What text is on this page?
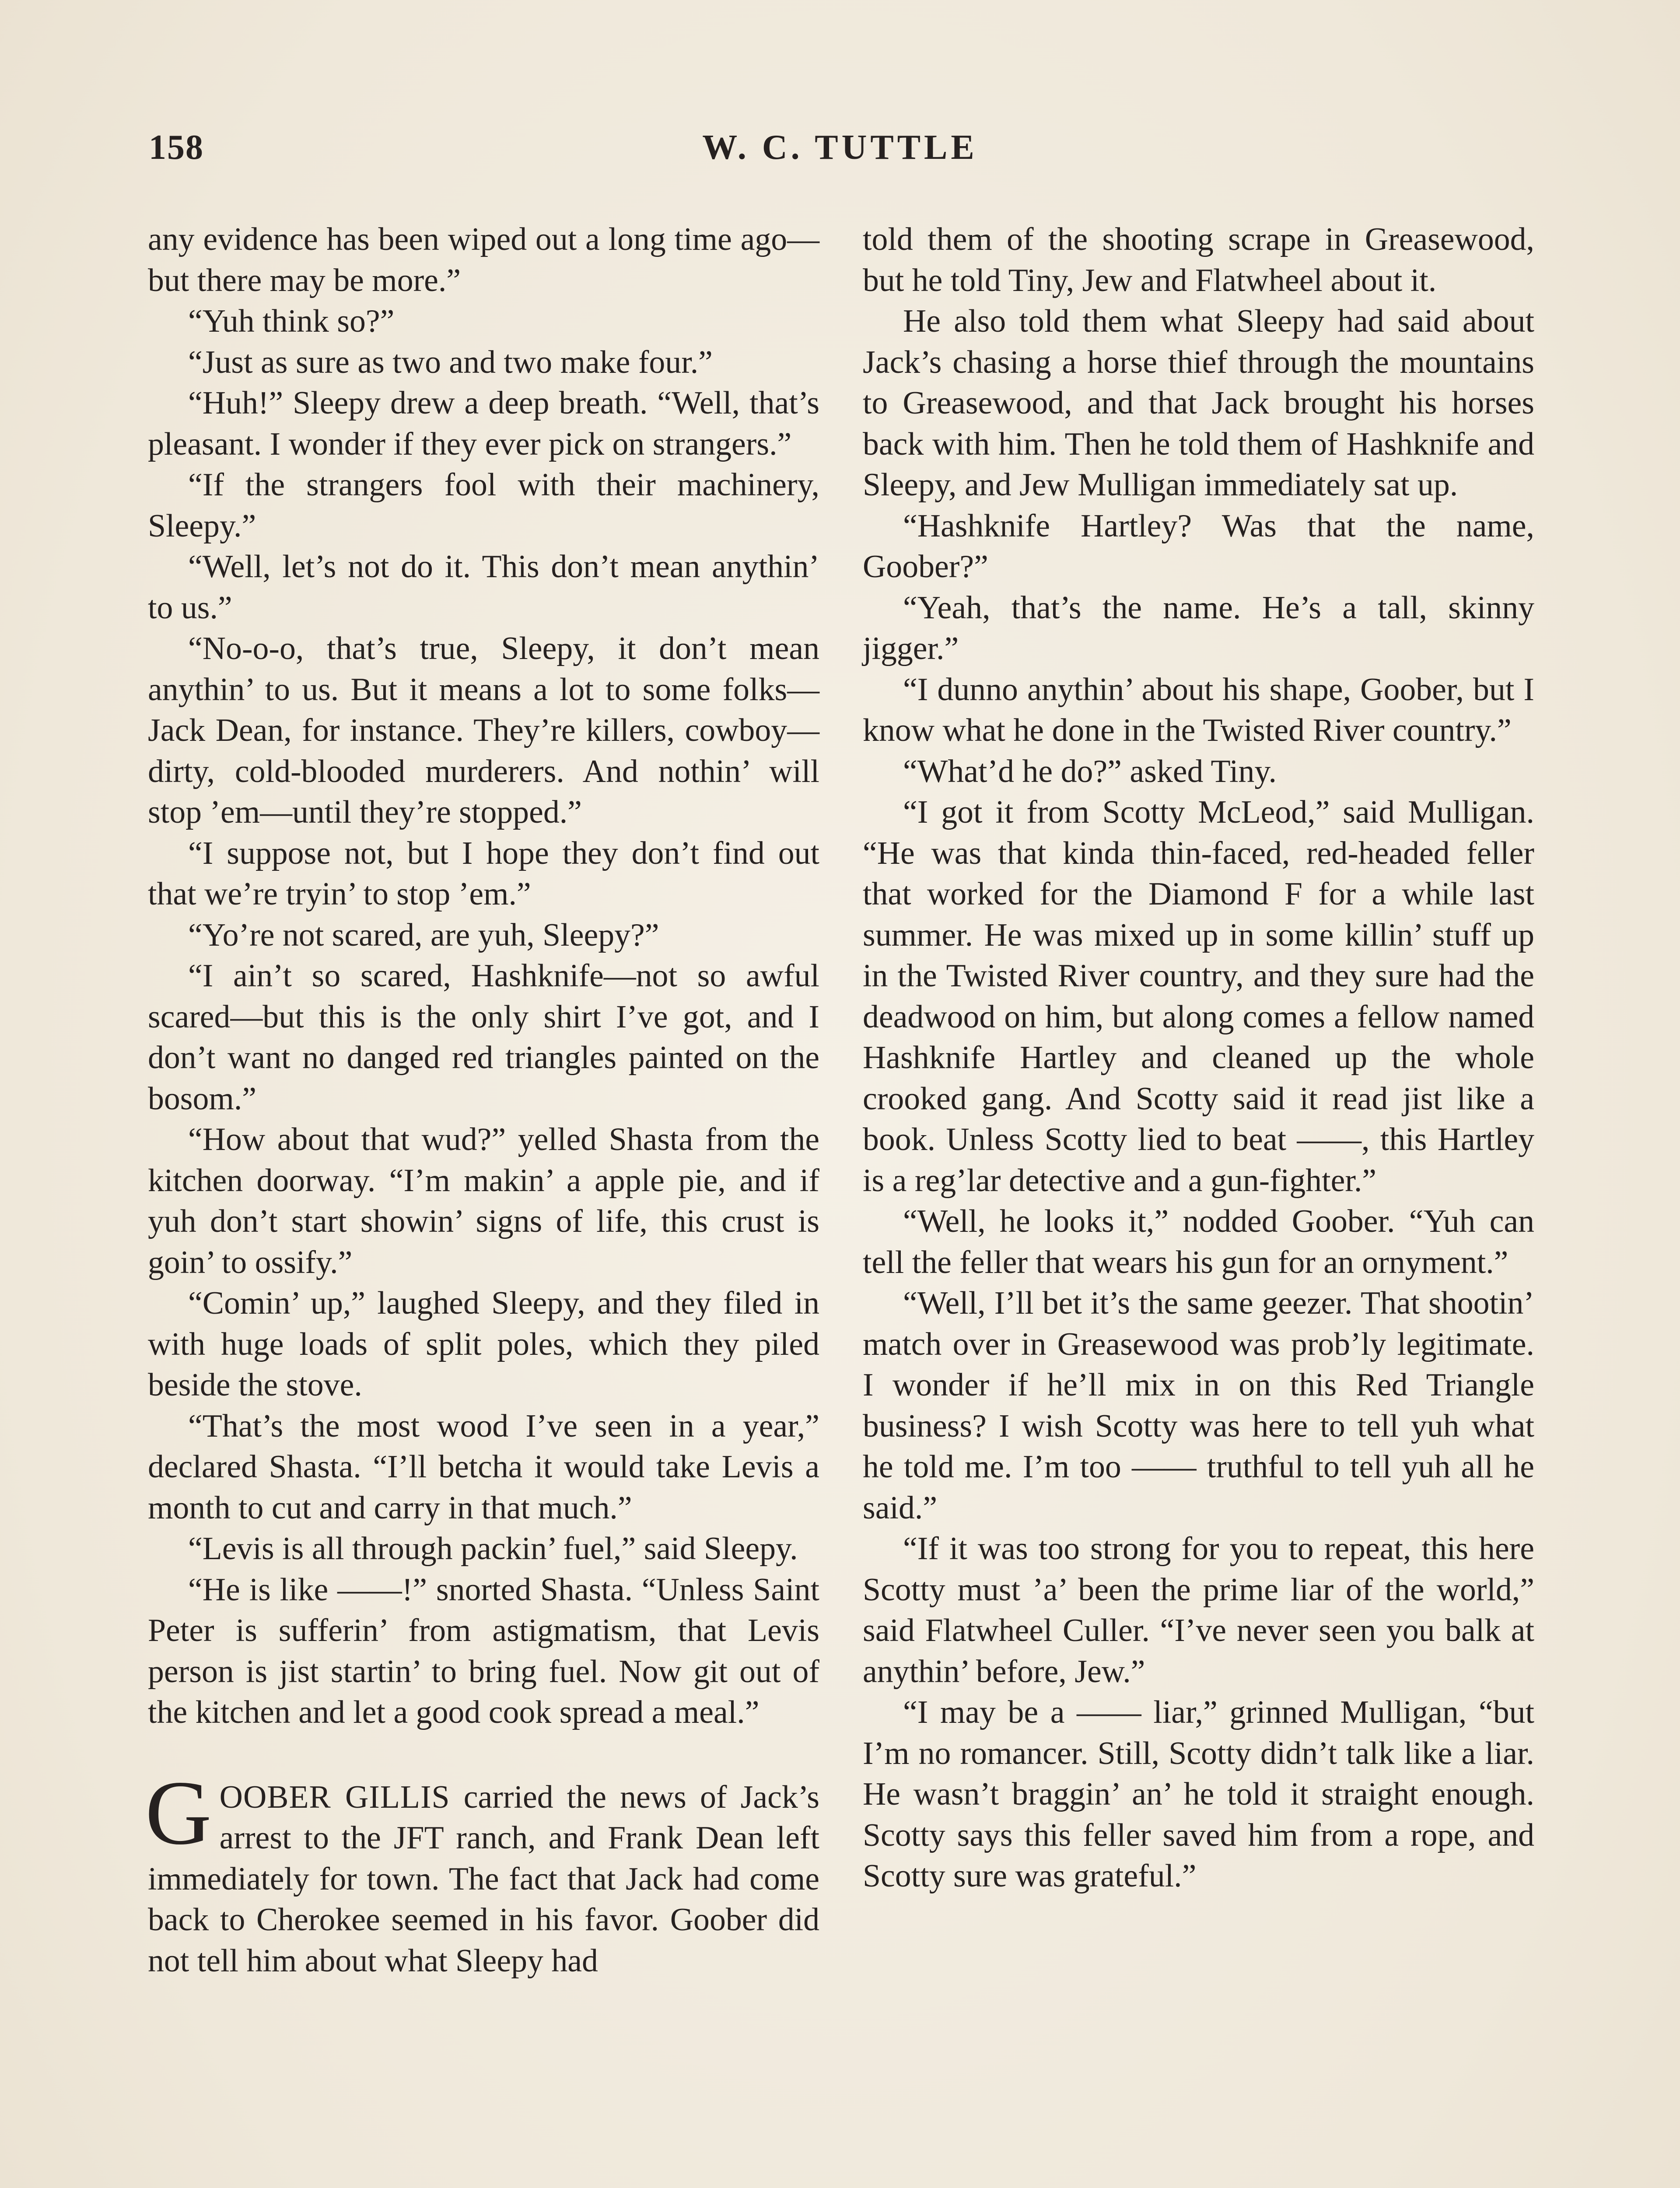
158	W. C. TUTTLE

any evidence has been wiped out a long time ago—but there may be more.”

“Yuh think so?”

“Just as sure as two and two make four.”

“Huh!” Sleepy drew a deep breath. “Well, that’s pleasant. I wonder if they ever pick on strangers.”

“If the strangers fool with their machinery, Sleepy.”

“Well, let’s not do it. This don’t mean anythin’ to us.”

“No-o-o, that’s true, Sleepy, it don’t mean anythin’ to us. But it means a lot to some folks—Jack Dean, for instance. They’re killers, cowboy—dirty, cold-blooded murderers. And nothin’ will stop ’em—until they’re stopped.”

“I suppose not, but I hope they don’t find out that we’re tryin’ to stop ’em.”

“Yo’re not scared, are yuh, Sleepy?”

“I ain’t so scared, Hashknife—not so awful scared—but this is the only shirt I’ve got, and I don’t want no danged red triangles painted on the bosom.”

“How about that wud?” yelled Shasta from the kitchen doorway. “I’m makin’ a apple pie, and if yuh don’t start showin’ signs of life, this crust is goin’ to ossify.”

“Comin’ up,” laughed Sleepy, and they filed in with huge loads of split poles, which they piled beside the stove.

“That’s the most wood I’ve seen in a year,” declared Shasta. “I’ll betcha it would take Levis a month to cut and carry in that much.”

“Levis is all through packin’ fuel,” said Sleepy.

“He is like ——!” snorted Shasta. “Unless Saint Peter is sufferin’ from astigmatism, that Levis person is jist startin’ to bring fuel. Now git out of the kitchen and let a good cook spread a meal.”

GOOBER GILLIS carried the news of Jack’s arrest to the JFT ranch, and Frank Dean left immediately for town. The fact that Jack had come back to Cherokee seemed in his favor. Goober did not tell him about what Sleepy had

told them of the shooting scrape in Greasewood, but he told Tiny, Jew and Flatwheel about it.

He also told them what Sleepy had said about Jack’s chasing a horse thief through the mountains to Greasewood, and that Jack brought his horses back with him. Then he told them of Hashknife and Sleepy, and Jew Mulligan immediately sat up.

“Hashknife Hartley? Was that the name, Goober?”

“Yeah, that’s the name. He’s a tall, skinny jigger.”

“I dunno anythin’ about his shape, Goober, but I know what he done in the Twisted River country.”

“What’d he do?” asked Tiny.

“I got it from Scotty McLeod,” said Mulligan. “He was that kinda thin-faced, red-headed feller that worked for the Diamond F for a while last summer. He was mixed up in some killin’ stuff up in the Twisted River country, and they sure had the deadwood on him, but along comes a fellow named Hashknife Hartley and cleaned up the whole crooked gang. And Scotty said it read jist like a book. Unless Scotty lied to beat ——, this Hartley is a reg’lar detective and a gun-fighter.”

“Well, he looks it,” nodded Goober. “Yuh can tell the feller that wears his gun for an ornyment.”

“Well, I’ll bet it’s the same geezer. That shootin’ match over in Greasewood was prob’ly legitimate. I wonder if he’ll mix in on this Red Triangle business? I wish Scotty was here to tell yuh what he told me. I’m too —— truthful to tell yuh all he said.”

“If it was too strong for you to repeat, this here Scotty must ’a’ been the prime liar of the world,” said Flatwheel Culler. “I’ve never seen you balk at anythin’ before, Jew.”

“I may be a —— liar,” grinned Mulligan, “but I’m no romancer. Still, Scotty didn’t talk like a liar. He wasn’t braggin’ an’ he told it straight enough. Scotty says this feller saved him from a rope, and Scotty sure was grateful.”
